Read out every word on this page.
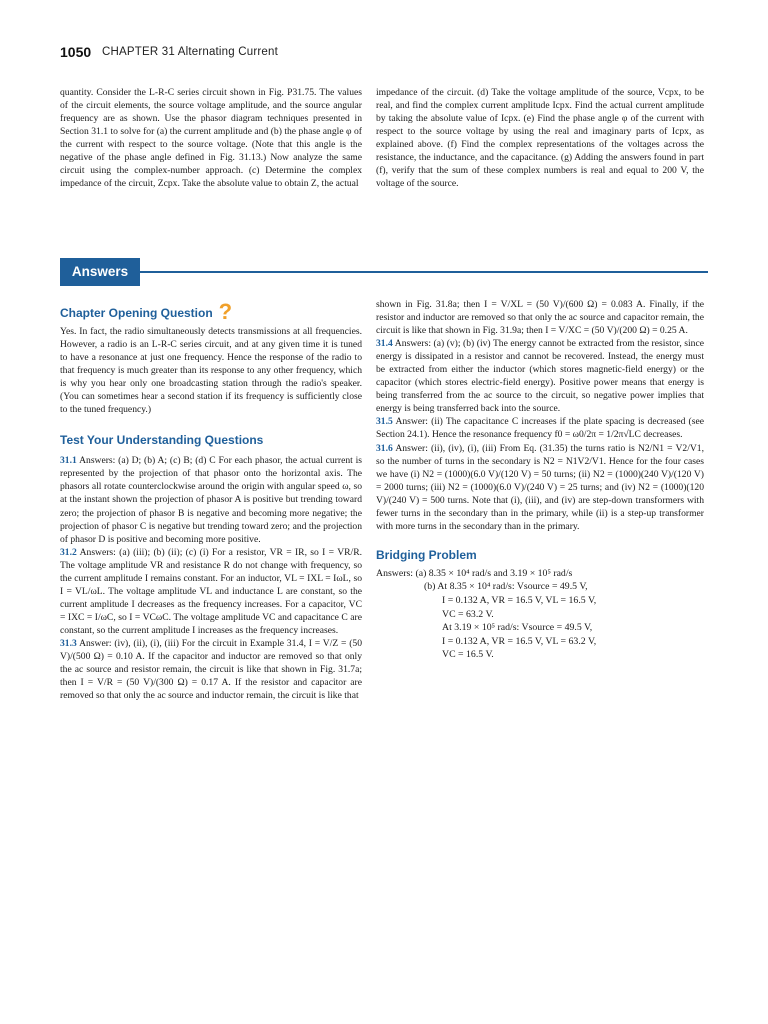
1050 CHAPTER 31 Alternating Current

quantity. Consider the L-R-C series circuit shown in Fig. P31.75. The values of the circuit elements, the source voltage amplitude, and the source angular frequency are as shown. Use the phasor diagram techniques presented in Section 31.1 to solve for (a) the current amplitude and (b) the phase angle φ of the current with respect to the source voltage. (Note that this angle is the negative of the phase angle defined in Fig. 31.13.) Now analyze the same circuit using the complex-number approach. (c) Determine the complex impedance of the circuit, Zcpx. Take the absolute value to obtain Z, the actual

impedance of the circuit. (d) Take the voltage amplitude of the source, Vcpx, to be real, and find the complex current amplitude Icpx. Find the actual current amplitude by taking the absolute value of Icpx. (e) Find the phase angle φ of the current with respect to the source voltage by using the real and imaginary parts of Icpx, as explained above. (f) Find the complex representations of the voltages across the resistance, the inductance, and the capacitance. (g) Adding the answers found in part (f), verify that the sum of these complex numbers is real and equal to 200 V, the voltage of the source.

Answers
Chapter Opening Question ?

Yes. In fact, the radio simultaneously detects transmissions at all frequencies. However, a radio is an L-R-C series circuit, and at any given time it is tuned to have a resonance at just one frequency. Hence the response of the radio to that frequency is much greater than its response to any other frequency, which is why you hear only one broadcasting station through the radio's speaker. (You can sometimes hear a second station if its frequency is sufficiently close to the tuned frequency.)

Test Your Understanding Questions

31.1 Answers: (a) D; (b) A; (c) B; (d) C For each phasor, the actual current is represented by the projection of that phasor onto the horizontal axis. The phasors all rotate counterclockwise around the origin with angular speed ω, so at the instant shown the projection of phasor A is positive but trending toward zero; the projection of phasor B is negative and becoming more negative; the projection of phasor C is negative but trending toward zero; and the projection of phasor D is positive and becoming more positive.

31.2 Answers: (a) (iii); (b) (ii); (c) (i) For a resistor, VR = IR, so I = VR/R. The voltage amplitude VR and resistance R do not change with frequency, so the current amplitude I remains constant. For an inductor, VL = IXL = IωL, so I = VL/ωL. The voltage amplitude VL and inductance L are constant, so the current amplitude I decreases as the frequency increases. For a capacitor, VC = IXC = I/ωC, so I = VCωC. The voltage amplitude VC and capacitance C are constant, so the current amplitude I increases as the frequency increases.

31.3 Answer: (iv), (ii), (i), (iii) For the circuit in Example 31.4, I = V/Z = (50 V)/(500 Ω) = 0.10 A. If the capacitor and inductor are removed so that only the ac source and resistor remain, the circuit is like that shown in Fig. 31.7a; then I = V/R = (50 V)/(300 Ω) = 0.17 A. If the resistor and capacitor are removed so that only the ac source and inductor remain, the circuit is like that

shown in Fig. 31.8a; then I = V/XL = (50 V)/(600 Ω) = 0.083 A. Finally, if the resistor and inductor are removed so that only the ac source and capacitor remain, the circuit is like that shown in Fig. 31.9a; then I = V/XC = (50 V)/(200 Ω) = 0.25 A.

31.4 Answers: (a) (v); (b) (iv) The energy cannot be extracted from the resistor, since energy is dissipated in a resistor and cannot be recovered. Instead, the energy must be extracted from either the inductor (which stores magnetic-field energy) or the capacitor (which stores electric-field energy). Positive power means that energy is being transferred from the ac source to the circuit, so negative power implies that energy is being transferred back into the source.

31.5 Answer: (ii) The capacitance C increases if the plate spacing is decreased (see Section 24.1). Hence the resonance frequency f0 = ω0/2π = 1/2π√LC decreases.

31.6 Answer: (ii), (iv), (i), (iii) From Eq. (31.35) the turns ratio is N2/N1 = V2/V1, so the number of turns in the secondary is N2 = N1V2/V1. Hence for the four cases we have (i) N2 = (1000)(6.0 V)/(120 V) = 50 turns; (ii) N2 = (1000)(240 V)/(120 V) = 2000 turns; (iii) N2 = (1000)(6.0 V)/(240 V) = 25 turns; and (iv) N2 = (1000)(120 V)/(240 V) = 500 turns. Note that (i), (iii), and (iv) are step-down transformers with fewer turns in the secondary than in the primary, while (ii) is a step-up transformer with more turns in the secondary than in the primary.

Bridging Problem
Answers: (a) 8.35 × 10⁴ rad/s and 3.19 × 10⁵ rad/s
(b) At 8.35 × 10⁴ rad/s: Vsource = 49.5 V,
I = 0.132 A, VR = 16.5 V, VL = 16.5 V,
VC = 63.2 V.
At 3.19 × 10⁵ rad/s: Vsource = 49.5 V,
I = 0.132 A, VR = 16.5 V, VL = 63.2 V,
VC = 16.5 V.
